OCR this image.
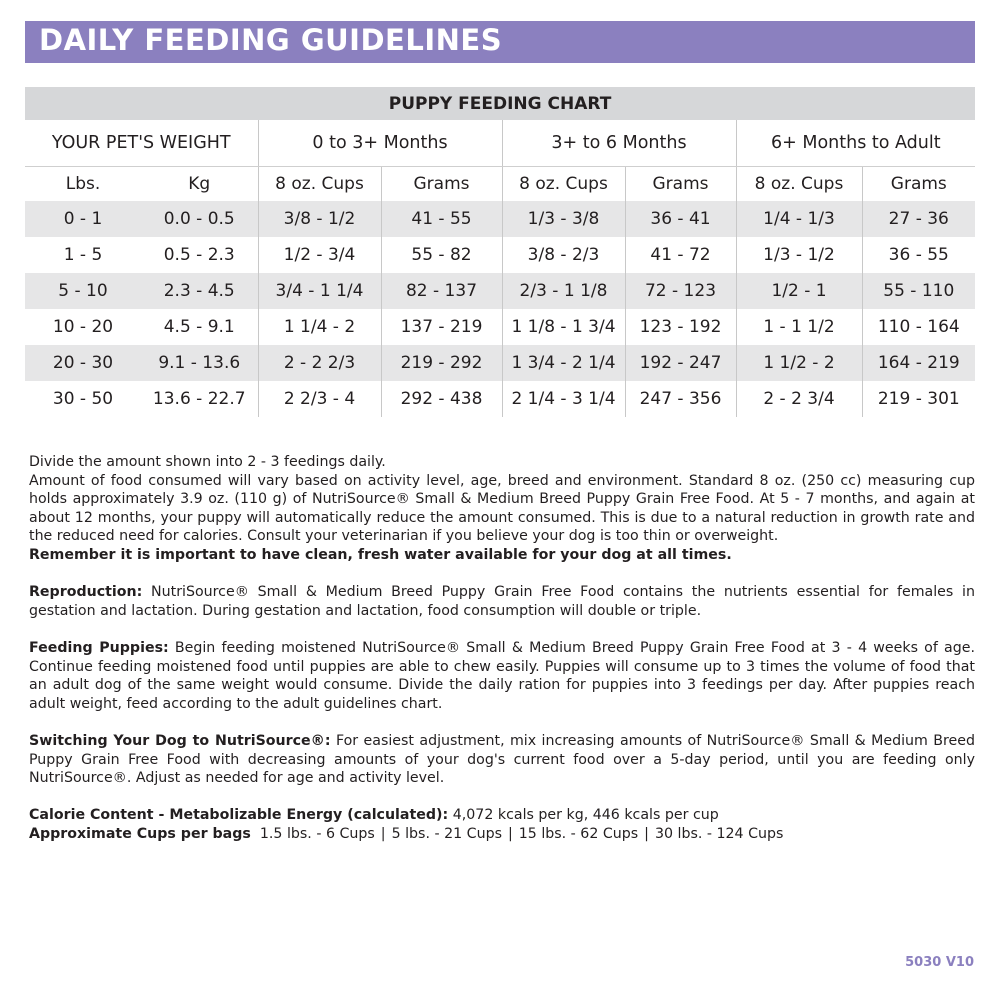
DAILY FEEDING GUIDELINES
PUPPY FEEDING CHART							
YOUR PET'S WEIGHT		0 to 3+ Months		3+ to 6 Months		6+ Months to Adult	
Lbs.	Kg	8 oz. Cups	Grams	8 oz. Cups	Grams	8 oz. Cups	Grams
0 - 1	0.0 - 0.5	3/8 - 1/2	41 - 55	1/3 - 3/8	36 - 41	1/4 - 1/3	27 - 36
1 - 5	0.5 - 2.3	1/2 - 3/4	55 - 82	3/8 - 2/3	41 - 72	1/3 - 1/2	36 - 55
5 - 10	2.3 - 4.5	3/4 - 1 1/4	82 - 137	2/3 - 1 1/8	72 - 123	1/2 - 1	55 - 110
10 - 20	4.5 - 9.1	1 1/4 - 2	137 - 219	1 1/8 - 1 3/4	123 - 192	1 - 1 1/2	110 - 164
20 - 30	9.1 - 13.6	2 - 2 2/3	219 - 292	1 3/4 - 2 1/4	192 - 247	1 1/2 - 2	164 - 219
30 - 50	13.6 - 22.7	2 2/3 - 4	292 - 438	2 1/4 - 3 1/4	247 - 356	2 - 2 3/4	219 - 301

Divide the amount shown into 2 - 3 feedings daily.
Amount of food consumed will vary based on activity level, age, breed and environment. Standard 8 oz. (250 cc) measuring cup holds approximately 3.9 oz. (110 g) of NutriSource® Small & Medium Breed Puppy Grain Free Food. At 5 - 7 months, and again at about 12 months, your puppy will automatically reduce the amount consumed. This is due to a natural reduction in growth rate and the reduced need for calories. Consult your veterinarian if you believe your dog is too thin or overweight.
Remember it is important to have clean, fresh water available for your dog at all times.

Reproduction: NutriSource® Small & Medium Breed Puppy Grain Free Food contains the nutrients essential for females in gestation and lactation. During gestation and lactation, food consumption will double or triple.

Feeding Puppies: Begin feeding moistened NutriSource® Small & Medium Breed Puppy Grain Free Food at 3 - 4 weeks of age. Continue feeding moistened food until puppies are able to chew easily. Puppies will consume up to 3 times the volume of food that an adult dog of the same weight would consume. Divide the daily ration for puppies into 3 feedings per day. After puppies reach adult weight, feed according to the adult guidelines chart.

Switching Your Dog to NutriSource®: For easiest adjustment, mix increasing amounts of NutriSource® Small & Medium Breed Puppy Grain Free Food with decreasing amounts of your dog's current food over a 5-day period, until you are feeding only NutriSource®. Adjust as needed for age and activity level.

Calorie Content - Metabolizable Energy (calculated): 4,072 kcals per kg, 446 kcals per cup

Approximate Cups per bags 1.5 lbs. - 6 Cups | 5 lbs. - 21 Cups | 15 lbs. - 62 Cups | 30 lbs. - 124 Cups

5030 V10
